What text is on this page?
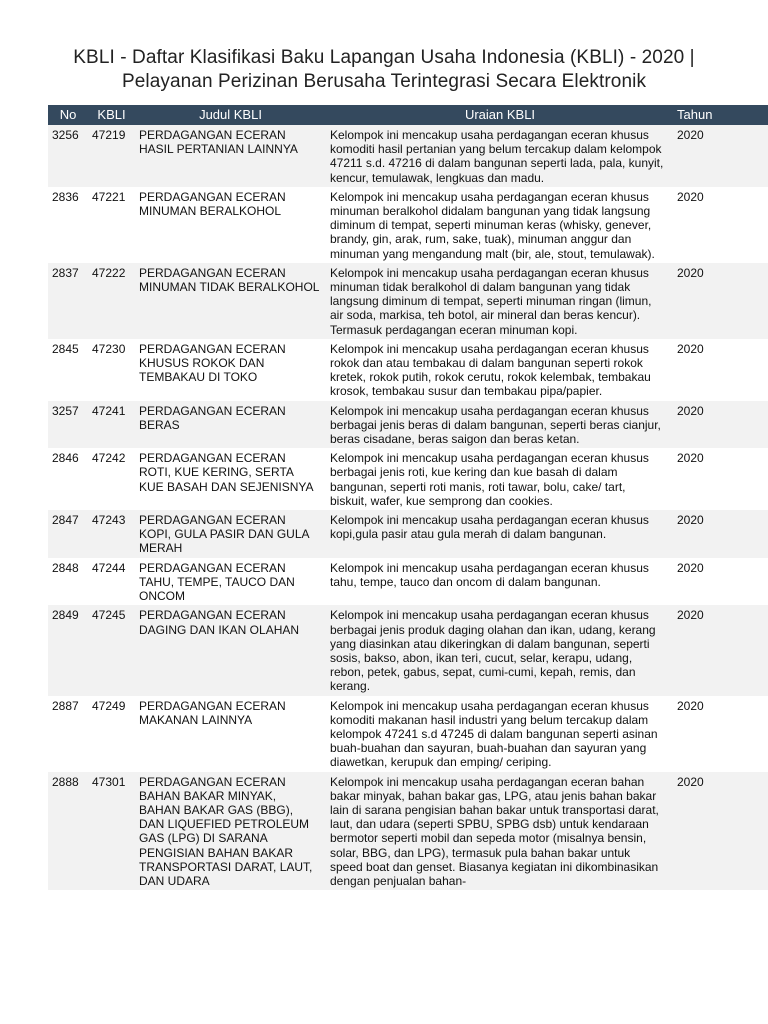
KBLI - Daftar Klasifikasi Baku Lapangan Usaha Indonesia (KBLI) - 2020 |
Pelayanan Perizinan Berusaha Terintegrasi Secara Elektronik
No	KBLI	Judul KBLI	Uraian KBLI	Tahun
3256	47219	PERDAGANGAN ECERAN HASIL PERTANIAN LAINNYA	Kelompok ini mencakup usaha perdagangan eceran khusus komoditi hasil pertanian yang belum tercakup dalam kelompok 47211 s.d. 47216 di dalam bangunan seperti lada, pala, kunyit, kencur, temulawak, lengkuas dan madu.	2020
2836	47221	PERDAGANGAN ECERAN MINUMAN BERALKOHOL	Kelompok ini mencakup usaha perdagangan eceran khusus minuman beralkohol didalam bangunan yang tidak langsung diminum di tempat, seperti minuman keras (whisky, genever, brandy, gin, arak, rum, sake, tuak), minuman anggur dan minuman yang mengandung malt (bir, ale, stout, temulawak).	2020
2837	47222	PERDAGANGAN ECERAN MINUMAN TIDAK BERALKOHOL	Kelompok ini mencakup usaha perdagangan eceran khusus minuman tidak beralkohol di dalam bangunan yang tidak langsung diminum di tempat, seperti minuman ringan (limun, air soda, markisa, teh botol, air mineral dan beras kencur). Termasuk perdagangan eceran minuman kopi.	2020
2845	47230	PERDAGANGAN ECERAN KHUSUS ROKOK DAN TEMBAKAU DI TOKO	Kelompok ini mencakup usaha perdagangan eceran khusus rokok dan atau tembakau di dalam bangunan seperti rokok kretek, rokok putih, rokok cerutu, rokok kelembak, tembakau krosok, tembakau susur dan tembakau pipa/papier.	2020
3257	47241	PERDAGANGAN ECERAN BERAS	Kelompok ini mencakup usaha perdagangan eceran khusus berbagai jenis beras di dalam bangunan, seperti beras cianjur, beras cisadane, beras saigon dan beras ketan.	2020
2846	47242	PERDAGANGAN ECERAN ROTI, KUE KERING, SERTA KUE BASAH DAN SEJENISNYA	Kelompok ini mencakup usaha perdagangan eceran khusus berbagai jenis roti, kue kering dan kue basah di dalam bangunan, seperti roti manis, roti tawar, bolu, cake/ tart, biskuit, wafer, kue semprong dan cookies.	2020
2847	47243	PERDAGANGAN ECERAN KOPI, GULA PASIR DAN GULA MERAH	Kelompok ini mencakup usaha perdagangan eceran khusus kopi,gula pasir atau gula merah di dalam bangunan.	2020
2848	47244	PERDAGANGAN ECERAN TAHU, TEMPE, TAUCO DAN ONCOM	Kelompok ini mencakup usaha perdagangan eceran khusus tahu, tempe, tauco dan oncom di dalam bangunan.	2020
2849	47245	PERDAGANGAN ECERAN DAGING DAN IKAN OLAHAN	Kelompok ini mencakup usaha perdagangan eceran khusus berbagai jenis produk daging olahan dan ikan, udang, kerang yang diasinkan atau dikeringkan di dalam bangunan, seperti sosis, bakso, abon, ikan teri, cucut, selar, kerapu, udang, rebon, petek, gabus, sepat, cumi-cumi, kepah, remis, dan kerang.	2020
2887	47249	PERDAGANGAN ECERAN MAKANAN LAINNYA	Kelompok ini mencakup usaha perdagangan eceran khusus komoditi makanan hasil industri yang belum tercakup dalam kelompok 47241 s.d 47245 di dalam bangunan seperti asinan buah-buahan dan sayuran, buah-buahan dan sayuran yang diawetkan, kerupuk dan emping/ ceriping.	2020
2888	47301	PERDAGANGAN ECERAN BAHAN BAKAR MINYAK, BAHAN BAKAR GAS (BBG), DAN LIQUEFIED PETROLEUM GAS (LPG) DI SARANA PENGISIAN BAHAN BAKAR TRANSPORTASI DARAT, LAUT, DAN UDARA	Kelompok ini mencakup usaha perdagangan eceran bahan bakar minyak, bahan bakar gas, LPG, atau jenis bahan bakar lain di sarana pengisian bahan bakar untuk transportasi darat, laut, dan udara (seperti SPBU, SPBG dsb) untuk kendaraan bermotor seperti mobil dan sepeda motor (misalnya bensin, solar, BBG, dan LPG), termasuk pula bahan bakar untuk speed boat dan genset. Biasanya kegiatan ini dikombinasikan dengan penjualan bahan-	2020
